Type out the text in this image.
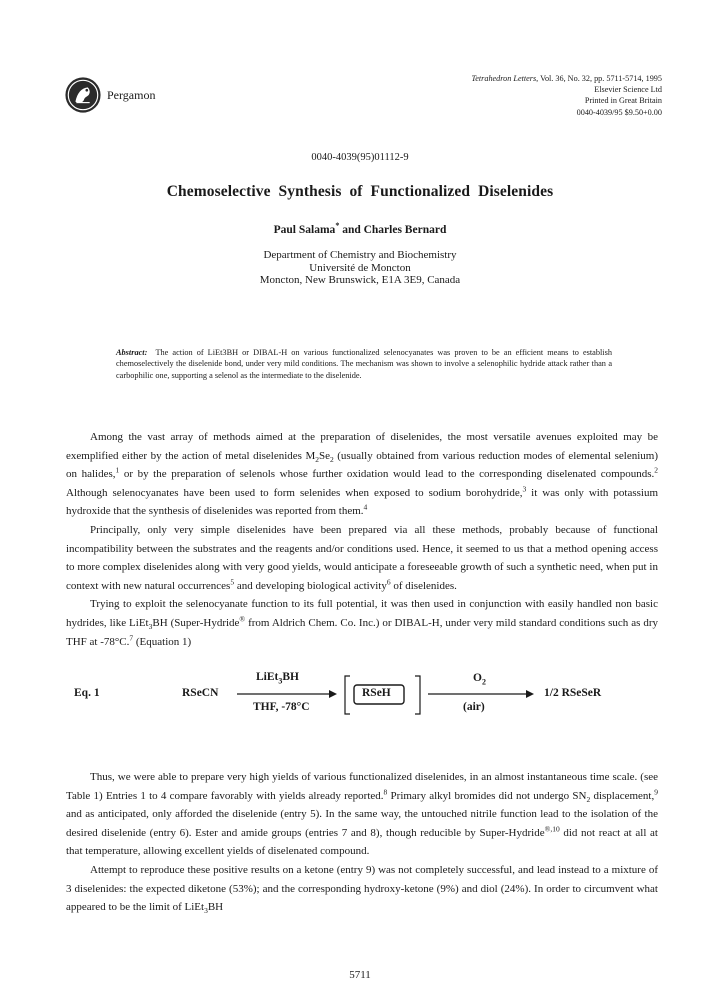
Pergamon
Tetrahedron Letters, Vol. 36, No. 32, pp. 5711-5714, 1995
Elsevier Science Ltd
Printed in Great Britain
0040-4039/95 $9.50+0.00
0040-4039(95)01112-9
Chemoselective Synthesis of Functionalized Diselenides
Paul Salama* and Charles Bernard
Department of Chemistry and Biochemistry
Université de Moncton
Moncton, New Brunswick, E1A 3E9, Canada
Abstract: The action of LiEt3BH or DIBAL-H on various functionalized selenocyanates was proven to be an efficient means to establish chemoselectively the diselenide bond, under very mild conditions. The mechanism was shown to involve a selenophilic hydride attack rather than a carbophilic one, supporting a selenol as the intermediate to the diselenide.

Among the vast array of methods aimed at the preparation of diselenides, the most versatile avenues exploited may be exemplified either by the action of metal diselenides $M_2Se_2$ (usually obtained from various reduction modes of elemental selenium) on halides,$^1$ or by the preparation of selenols whose further oxidation would lead to the corresponding diselenated compounds.$^2$ Although selenocyanates have been used to form selenides when exposed to sodium borohydride,$^3$ it was only with potassium hydroxide that the synthesis of diselenides was reported from them.$^4$

Principally, only very simple diselenides have been prepared via all these methods, probably because of functional incompatibility between the substrates and the reagents and/or conditions used. Hence, it seemed to us that a method opening access to more complex diselenides along with very good yields, would anticipate a foreseeable growth of such a synthetic need, when put in context with new natural occurrences$^5$ and developing biological activity$^6$ of diselenides.

Trying to exploit the selenocyanate function to its full potential, it was then used in conjunction with easily handled non basic hydrides, like LiEt$_3$BH (Super-Hydride® from Aldrich Chem. Co. Inc.) or DIBAL-H, under very mild standard conditions such as dry THF at -78°C.$^7$ (Equation 1)

Eq. 1	RSeCN
LiEt$_3$BH
THF, -78°C
RSeH
$O_2$
(air)
1/2 RSeSeR

Thus, we were able to prepare very high yields of various functionalized diselenides, in an almost instantaneous time scale. (see Table 1) Entries 1 to 4 compare favorably with yields already reported.$^8$ Primary alkyl bromides did not undergo $SN_2$ displacement,$^9$ and as anticipated, only afforded the diselenide (entry 5). In the same way, the untouched nitrile function lead to the isolation of the desired diselenide (entry 6). Ester and amide groups (entries 7 and 8), though reducible by Super-Hydride$^{®,10}$ did not react at all at that temperature, allowing excellent yields of diselenated compound.

Attempt to reproduce these positive results on a ketone (entry 9) was not completely successful, and lead instead to a mixture of 3 diselenides: the expected diketone (53%); and the corresponding hydroxy-ketone (9%) and diol (24%). In order to circumvent what appeared to be the limit of LiEt$_3$BH

5711
